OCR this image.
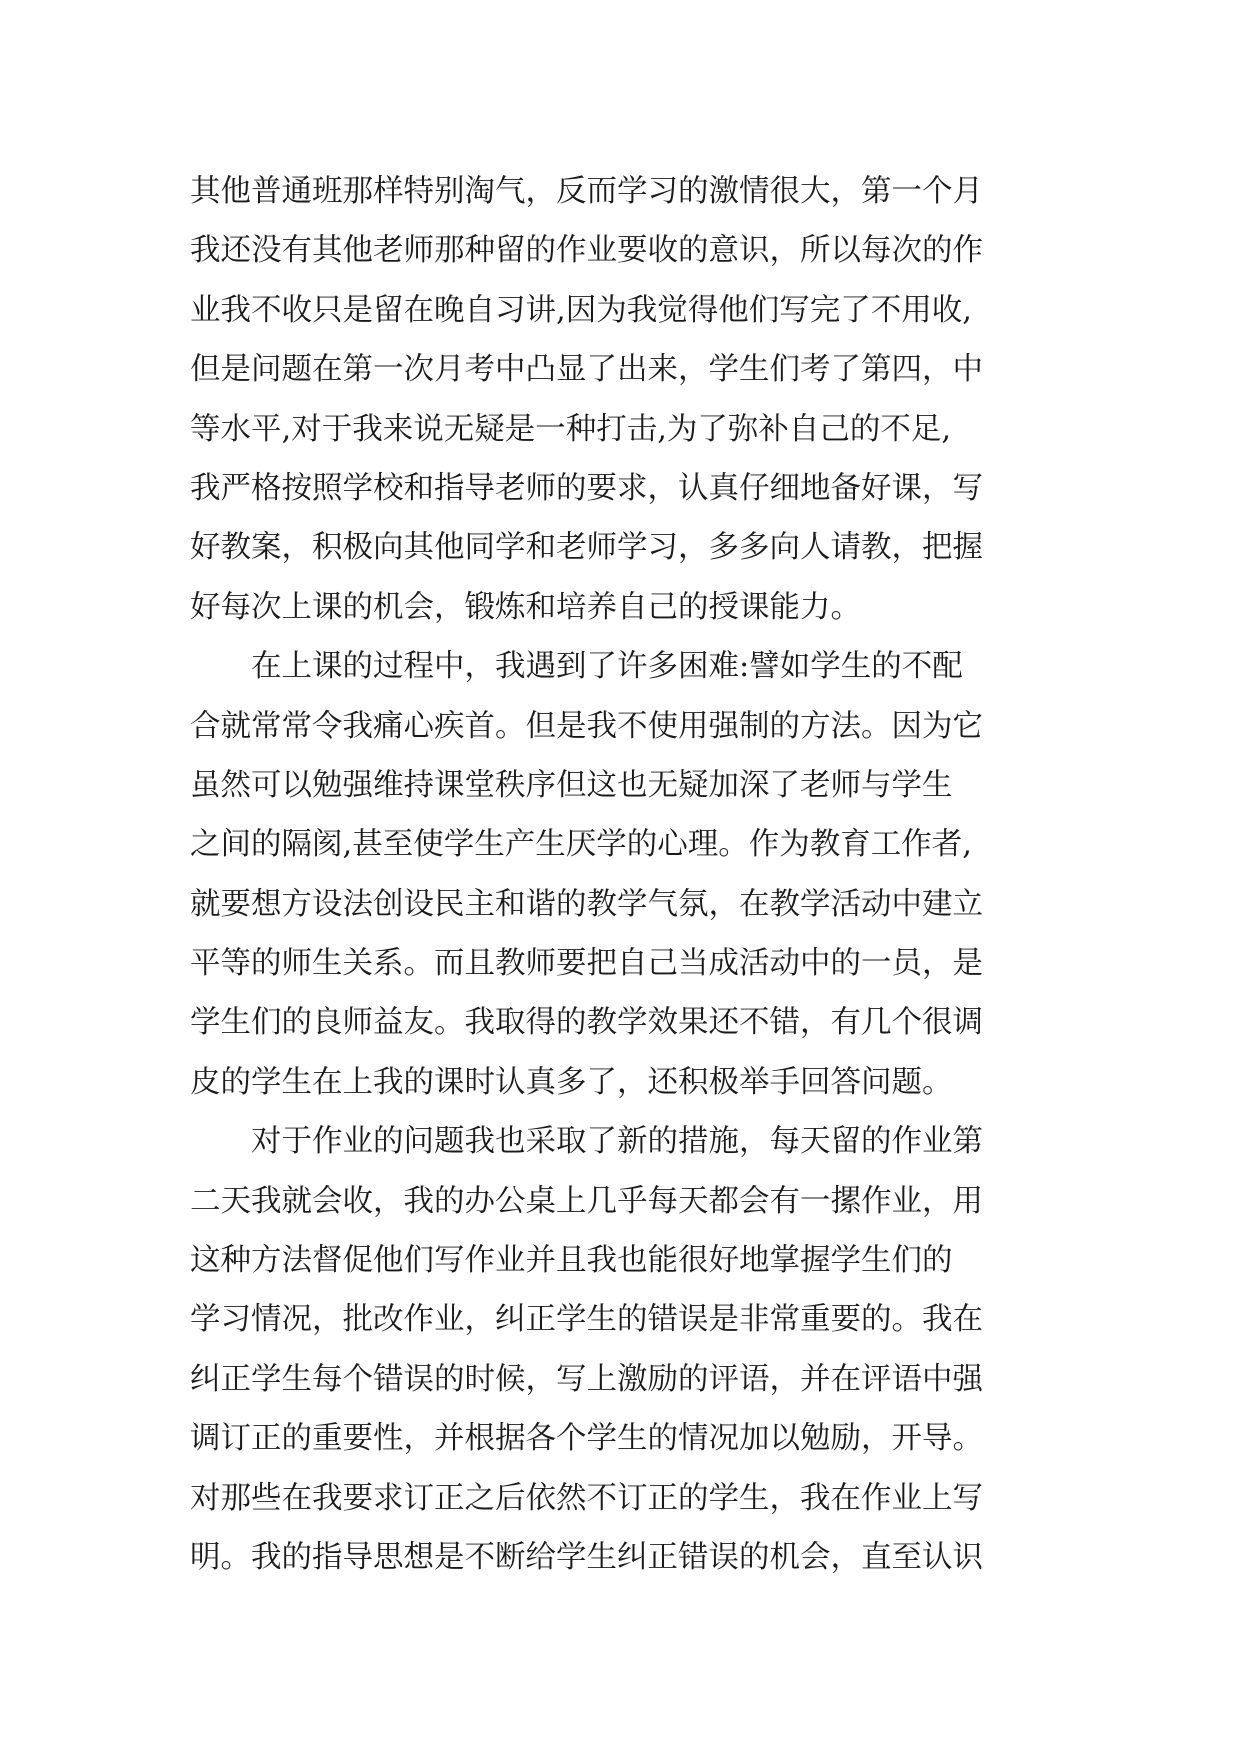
其他普通班那样特别淘气，反而学习的激情很大，第一个月
我还没有其他老师那种留的作业要收的意识，所以每次的作
业我不收只是留在晚自习讲,因为我觉得他们写完了不用收,
但是问题在第一次月考中凸显了出来，学生们考了第四，中
等水平,对于我来说无疑是一种打击,为了弥补自己的不足,
我严格按照学校和指导老师的要求，认真仔细地备好课，写
好教案，积极向其他同学和老师学习，多多向人请教，把握
好每次上课的机会，锻炼和培养自己的授课能力。
　　在上课的过程中，我遇到了许多困难:譬如学生的不配
合就常常令我痛心疾首。但是我不使用强制的方法。因为它
虽然可以勉强维持课堂秩序但这也无疑加深了老师与学生
之间的隔阂,甚至使学生产生厌学的心理。作为教育工作者,
就要想方设法创设民主和谐的教学气氛，在教学活动中建立
平等的师生关系。而且教师要把自己当成活动中的一员，是
学生们的良师益友。我取得的教学效果还不错，有几个很调
皮的学生在上我的课时认真多了，还积极举手回答问题。
　　对于作业的问题我也采取了新的措施，每天留的作业第
二天我就会收，我的办公桌上几乎每天都会有一摞作业，用
这种方法督促他们写作业并且我也能很好地掌握学生们的
学习情况，批改作业，纠正学生的错误是非常重要的。我在
纠正学生每个错误的时候，写上激励的评语，并在评语中强
调订正的重要性，并根据各个学生的情况加以勉励，开导。
对那些在我要求订正之后依然不订正的学生，我在作业上写
明。我的指导思想是不断给学生纠正错误的机会，直至认识
